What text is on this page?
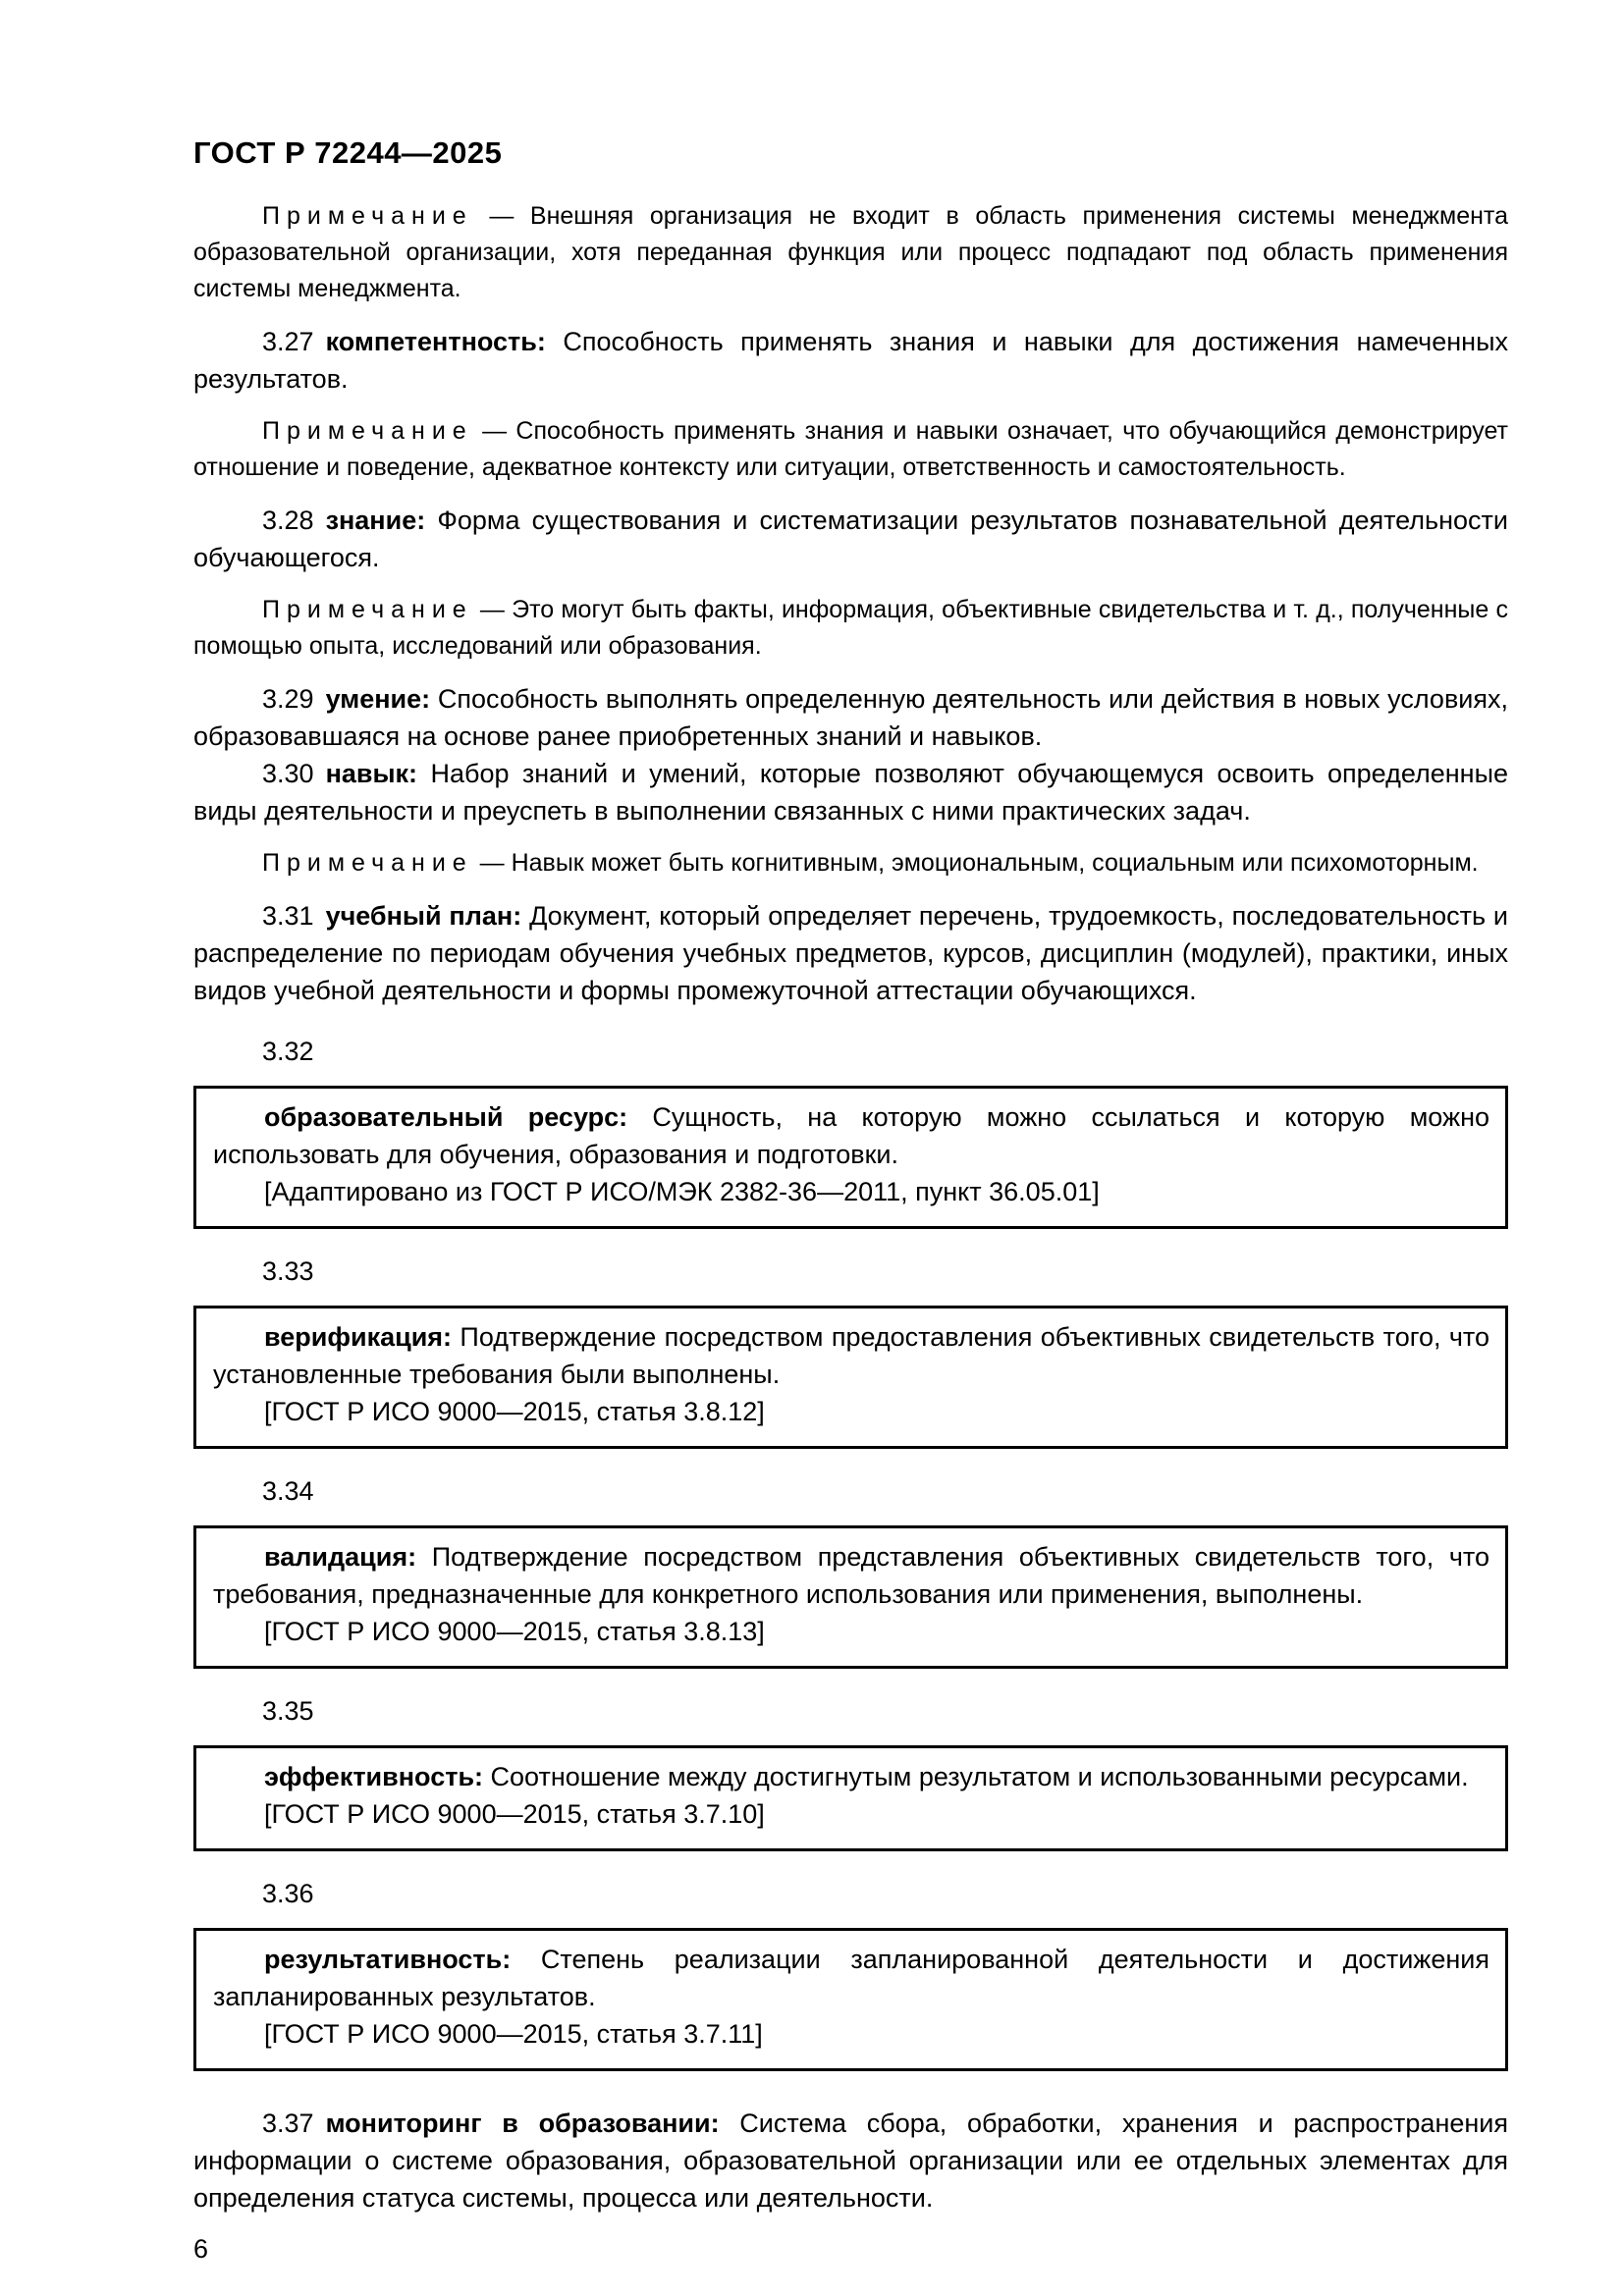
ГОСТ Р 72244—2025

Примечание — Внешняя организация не входит в область применения системы менеджмента образовательной организации, хотя переданная функция или процесс подпадают под область применения системы менеджмента.

3.27 компетентность: Способность применять знания и навыки для достижения намеченных результатов.

Примечание — Способность применять знания и навыки означает, что обучающийся демонстрирует отношение и поведение, адекватное контексту или ситуации, ответственность и самостоятельность.

3.28 знание: Форма существования и систематизации результатов познавательной деятельности обучающегося.

Примечание — Это могут быть факты, информация, объективные свидетельства и т. д., полученные с помощью опыта, исследований или образования.

3.29 умение: Способность выполнять определенную деятельность или действия в новых условиях, образовавшаяся на основе ранее приобретенных знаний и навыков.

3.30 навык: Набор знаний и умений, которые позволяют обучающемуся освоить определенные виды деятельности и преуспеть в выполнении связанных с ними практических задач.

Примечание — Навык может быть когнитивным, эмоциональным, социальным или психомоторным.

3.31 учебный план: Документ, который определяет перечень, трудоемкость, последовательность и распределение по периодам обучения учебных предметов, курсов, дисциплин (модулей), практики, иных видов учебной деятельности и формы промежуточной аттестации обучающихся.

3.32

образовательный ресурс: Сущность, на которую можно ссылаться и которую можно использовать для обучения, образования и подготовки.

[Адаптировано из ГОСТ Р ИСО/МЭК 2382-36—2011, пункт 36.05.01]

3.33

верификация: Подтверждение посредством предоставления объективных свидетельств того, что установленные требования были выполнены.

[ГОСТ Р ИСО 9000—2015, статья 3.8.12]

3.34

валидация: Подтверждение посредством представления объективных свидетельств того, что требования, предназначенные для конкретного использования или применения, выполнены.

[ГОСТ Р ИСО 9000—2015, статья 3.8.13]

3.35

эффективность: Соотношение между достигнутым результатом и использованными ресурсами.

[ГОСТ Р ИСО 9000—2015, статья 3.7.10]

3.36

результативность: Степень реализации запланированной деятельности и достижения запланированных результатов.

[ГОСТ Р ИСО 9000—2015, статья 3.7.11]

3.37 мониторинг в образовании: Система сбора, обработки, хранения и распространения информации о системе образования, образовательной организации или ее отдельных элементах для определения статуса системы, процесса или деятельности.

6
